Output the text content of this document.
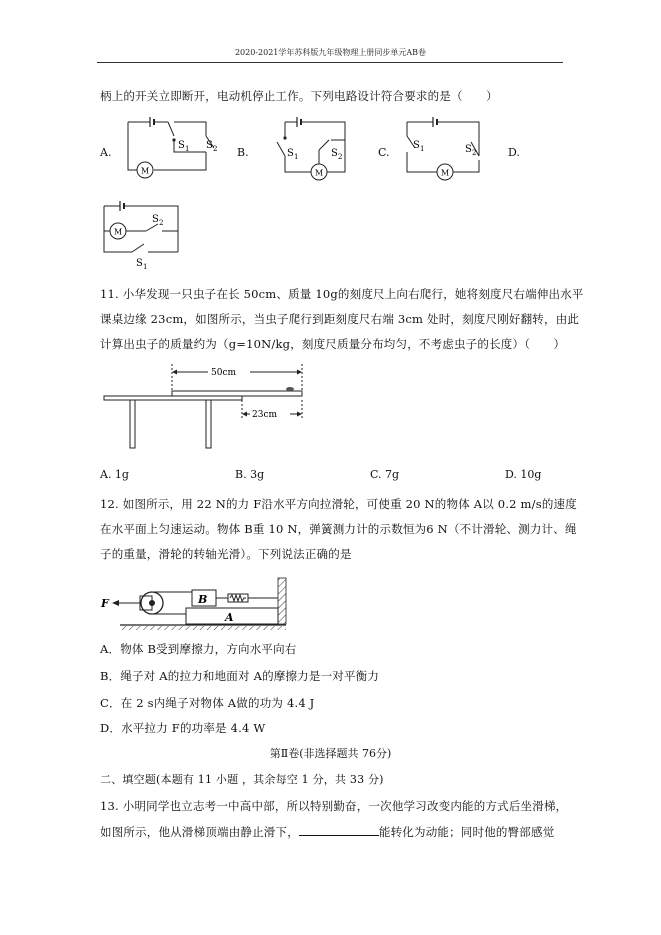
2020-2021学年苏科版九年级物理上册同步单元AB卷
柄上的开关立即断开，电动机停止工作。下列电路设计符合要求的是（　　）
A.	B.	C.	D.
M
S 1 S 2
M
S 1	S 2
M
S 1	S 2
M
S 2
S 1
11. 小华发现一只虫子在长 50cm、质量 10g的刻度尺上向右爬行，她将刻度尺右端伸出水平
课桌边缘 23cm，如图所示，当虫子爬行到距刻度尺右端 3cm 处时，刻度尺刚好翻转，由此
计算出虫子的质量约为（g=10N/kg，刻度尺质量分布均匀，不考虑虫子的长度）（　　）
50cm
23cm
A. 1g	B. 3g	C. 7g	D. 10g
12. 如图所示，用 22 N的力 F沿水平方向拉滑轮，可使重 20 N的物体 A以 0.2 m/s的速度
在水平面上匀速运动。物体 B重 10 N，弹簧测力计的示数恒为6 N（不计滑轮、测力计、绳
子的重量，滑轮的转轴光滑）。下列说法正确的是
F	B
A
A．物体 B受到摩擦力，方向水平向右
B．绳子对 A的拉力和地面对 A的摩擦力是一对平衡力
C．在 2 s内绳子对物体 A做的功为 4.4 J
D．水平拉力 F的功率是 4.4 W
第Ⅱ卷(非选择题共 76分)
二、填空题(本题有 11 小题 ，其余每空 1 分，共 33 分)
13. 小明同学也立志考一中高中部，所以特别勤奋，一次他学习改变内能的方式后坐滑梯，
如图所示，他从滑梯顶端由静止滑下，	能转化为动能；同时他的臀部感觉
